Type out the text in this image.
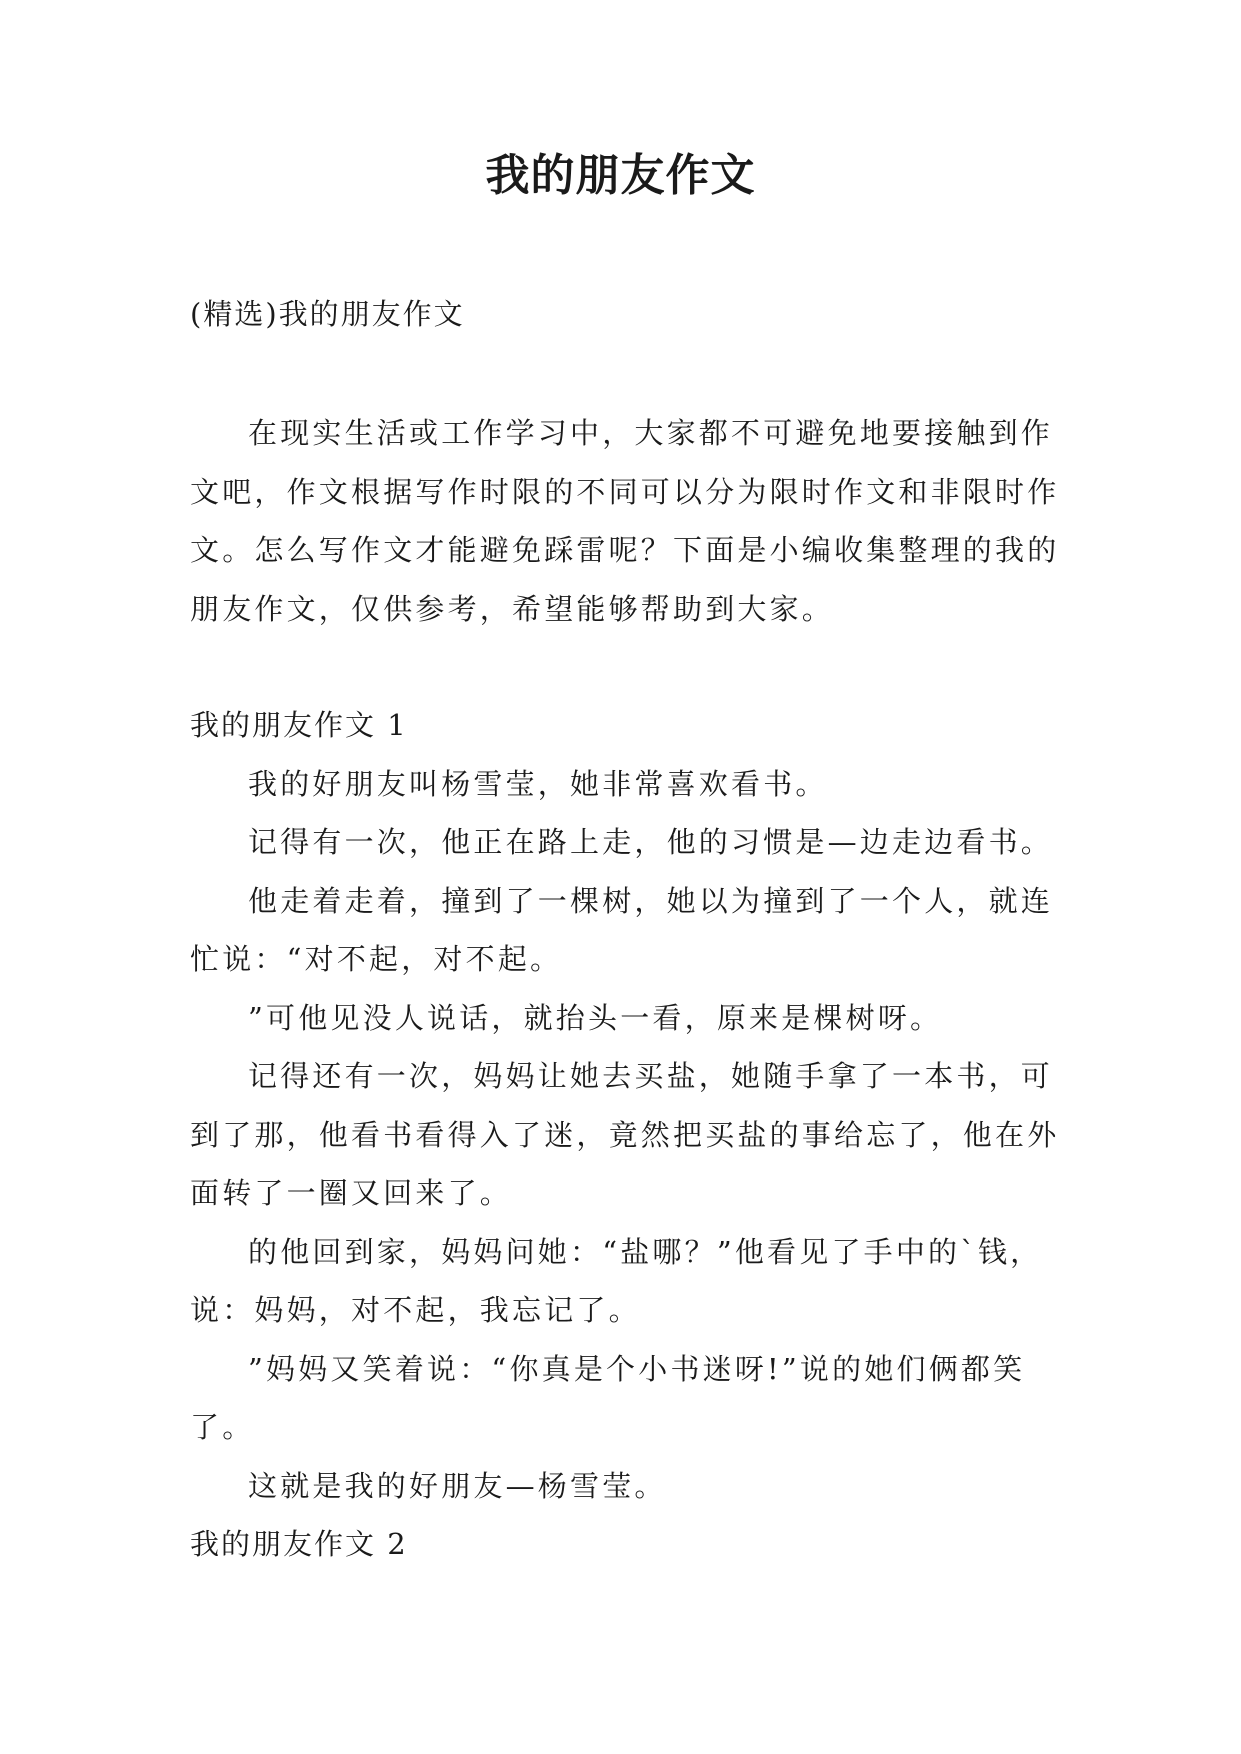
我的朋友作文
(精选)我的朋友作文

在现实生活或工作学习中，大家都不可避免地要接触到作文吧，作文根据写作时限的不同可以分为限时作文和非限时作文。怎么写作文才能避免踩雷呢？下面是小编收集整理的我的朋友作文，仅供参考，希望能够帮助到大家。

我的朋友作文 1

我的好朋友叫杨雪莹，她非常喜欢看书。

记得有一次，他正在路上走，他的习惯是—边走边看书。

他走着走着，撞到了一棵树，她以为撞到了一个人，就连忙说：“对不起，对不起。

”可他见没人说话，就抬头一看，原来是棵树呀。

记得还有一次，妈妈让她去买盐，她随手拿了一本书，可到了那，他看书看得入了迷，竟然把买盐的事给忘了，他在外面转了一圈又回来了。

的他回到家，妈妈问她：“盐哪？”他看见了手中的`钱，说：妈妈，对不起，我忘记了。

”妈妈又笑着说：“你真是个小书迷呀!”说的她们俩都笑了。

这就是我的好朋友—杨雪莹。

我的朋友作文 2
